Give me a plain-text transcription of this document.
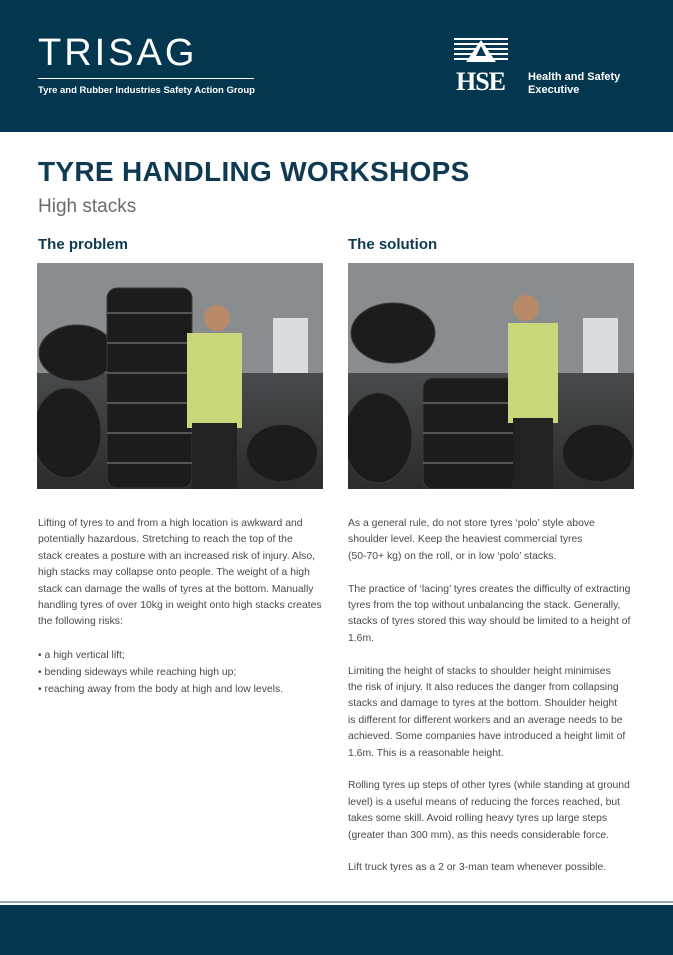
TRISAG
Tyre and Rubber Industries Safety Action Group	HSE Health and Safety
Executive
TYRE HANDLING WORKSHOPS
High stacks
The problem	The solution

Lifting of tyres to and from a high location is awkward and
potentially hazardous. Stretching to reach the top of the
stack creates a posture with an increased risk of injury. Also,
high stacks may collapse onto people. The weight of a high
stack can damage the walls of tyres at the bottom. Manually
handling tyres of over 10kg in weight onto high stacks creates
the following risks:

• a high vertical lift;
• bending sideways while reaching high up;
• reaching away from the body at high and low levels.

As a general rule, do not store tyres ‘polo’ style above
shoulder level. Keep the heaviest commercial tyres
(50-70+ kg) on the roll, or in low ‘polo’ stacks.

The practice of ‘lacing’ tyres creates the difficulty of extracting
tyres from the top without unbalancing the stack. Generally,
stacks of tyres stored this way should be limited to a height of
1.6m.

Limiting the height of stacks to shoulder height minimises
the risk of injury. It also reduces the danger from collapsing
stacks and damage to tyres at the bottom. Shoulder height
is different for different workers and an average needs to be
achieved. Some companies have introduced a height limit of
1.6m. This is a reasonable height.

Rolling tyres up steps of other tyres (while standing at ground
level) is a useful means of reducing the forces reached, but
takes some skill. Avoid rolling heavy tyres up large steps
(greater than 300 mm), as this needs considerable force.

Lift truck tyres as a 2 or 3-man team whenever possible.
